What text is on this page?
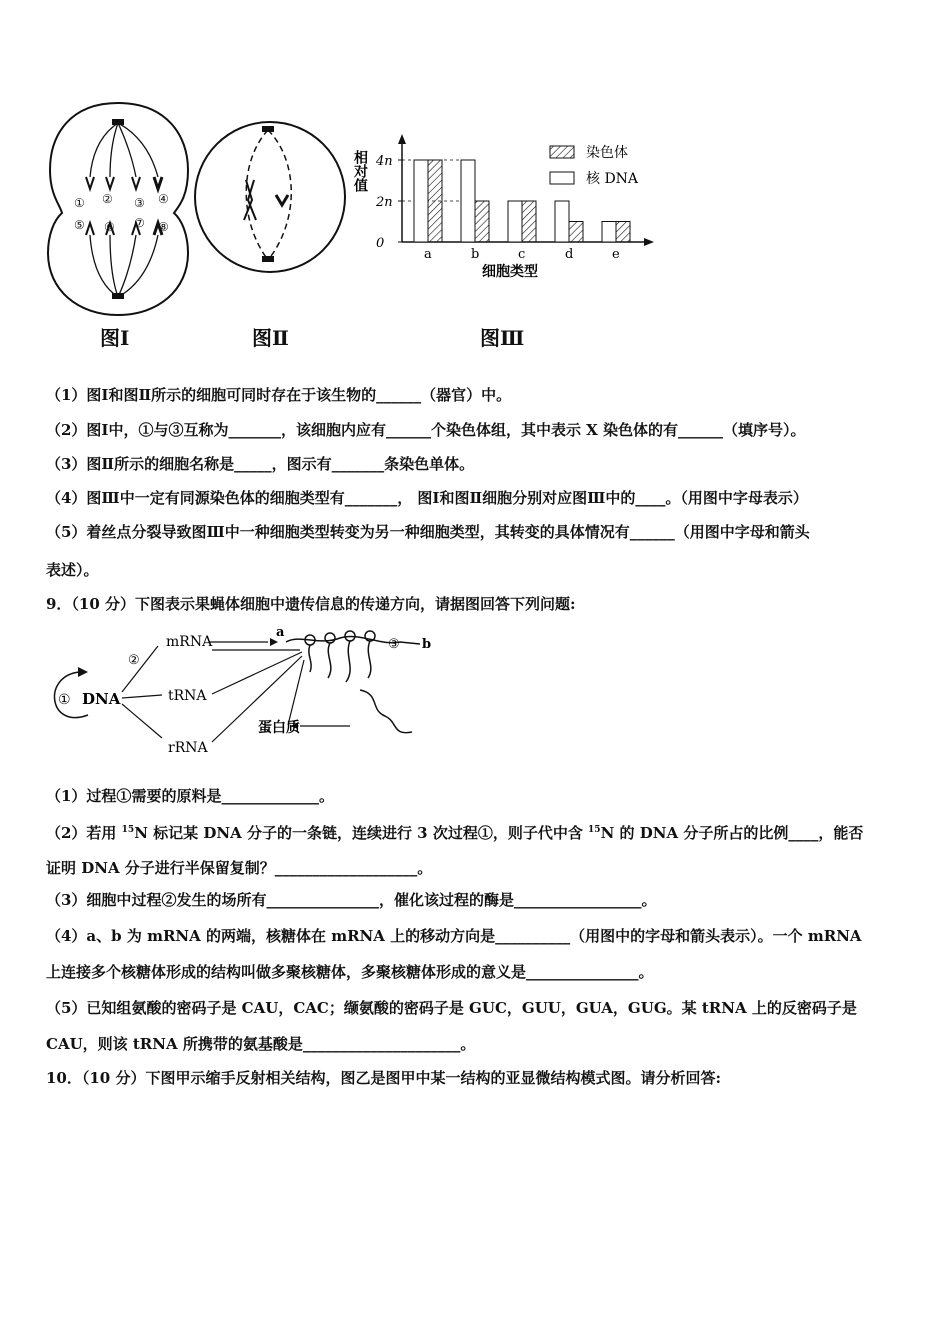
① ② ③ ④
⑤ ⑥ ⑦ ⑧
图Ⅰ	图Ⅱ
相对值
0
2n
4n
a	b	c	d	e
细胞类型
染色体
核 DNA
图Ⅲ
（1）图Ⅰ和图Ⅱ所示的细胞可同时存在于该生物的______（器官）中。
（2）图Ⅰ中，①与③互称为_______，该细胞内应有______个染色体组，其中表示 X 染色体的有______（填序号）。
（3）图Ⅱ所示的细胞名称是_____，图示有_______条染色单体。
（4）图Ⅲ中一定有同源染色体的细胞类型有_______， 图Ⅰ和图Ⅱ细胞分别对应图Ⅲ中的____。（用图中字母表示）
（5）着丝点分裂导致图Ⅲ中一种细胞类型转变为另一种细胞类型，其转变的具体情况有______（用图中字母和箭头
表述）。
9．（10 分）下图表示果蝇体细胞中遗传信息的传递方向，请据图回答下列问题:
① DNA
②
mRNA
tRNA
rRNA
蛋白质
a
③ b
（1）过程①需要的原料是_____________。
（2）若用 $^{15}$N 标记某 DNA 分子的一条链，连续进行 3 次过程①，则子代中含 $^{15}$N 的 DNA 分子所占的比例____，能否
证明 DNA 分子进行半保留复制？___________________。
（3）细胞中过程②发生的场所有_______________，催化该过程的酶是_________________。
（4）a、b 为 mRNA 的两端，核糖体在 mRNA 上的移动方向是__________（用图中的字母和箭头表示）。一个 mRNA
上连接多个核糖体形成的结构叫做多聚核糖体，多聚核糖体形成的意义是_______________。
（5）已知组氨酸的密码子是 CAU，CAC；缬氨酸的密码子是 GUC，GUU，GUA，GUG。某 tRNA 上的反密码子是
CAU，则该 tRNA 所携带的氨基酸是_____________________。
10．（10 分）下图甲示缩手反射相关结构，图乙是图甲中某一结构的亚显微结构模式图。请分析回答:
